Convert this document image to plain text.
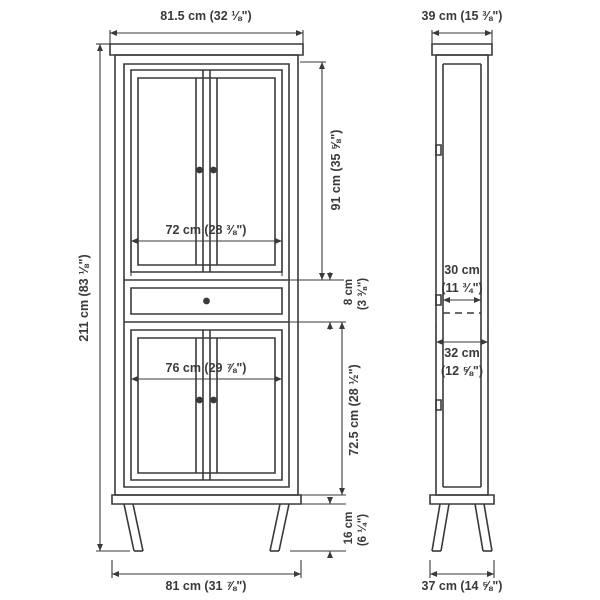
81.5 cm (32 ⅛")
81 cm (31 ⅞")
72 cm (28 ⅜")
76 cm (29 ⅞")
211 cm (83 ⅛")
91 cm (35 ⅝")
8 cm (3 ⅜")
72.5 cm (28 ½")
16 cm (6 ¼")
39 cm (15 ⅜")
37 cm (14 ⅝")
30 cm
(11 ¾")
32 cm
(12 ⅝")
